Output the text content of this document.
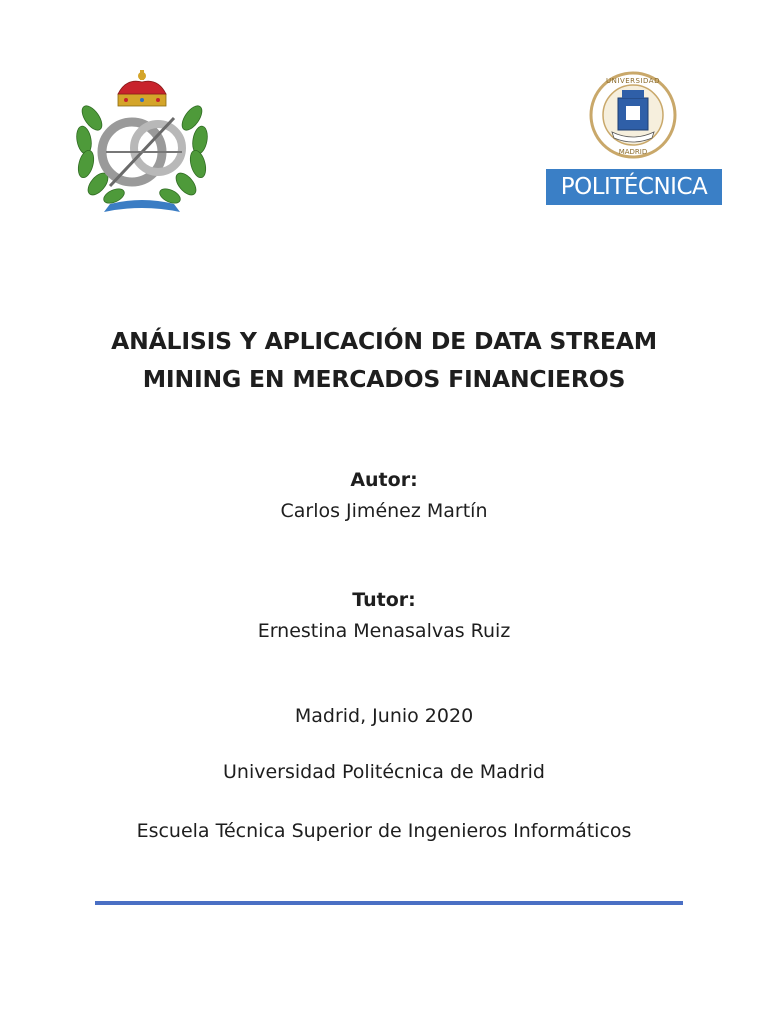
UNIVERSIDAD
MADRID
POLITÉCNICA
ANÁLISIS Y APLICACIÓN DE DATA STREAM
MINING EN MERCADOS FINANCIEROS
Autor:
Carlos Jiménez Martín
Tutor:
Ernestina Menasalvas Ruiz
Madrid, Junio 2020
Universidad Politécnica de Madrid
Escuela Técnica Superior de Ingenieros Informáticos
